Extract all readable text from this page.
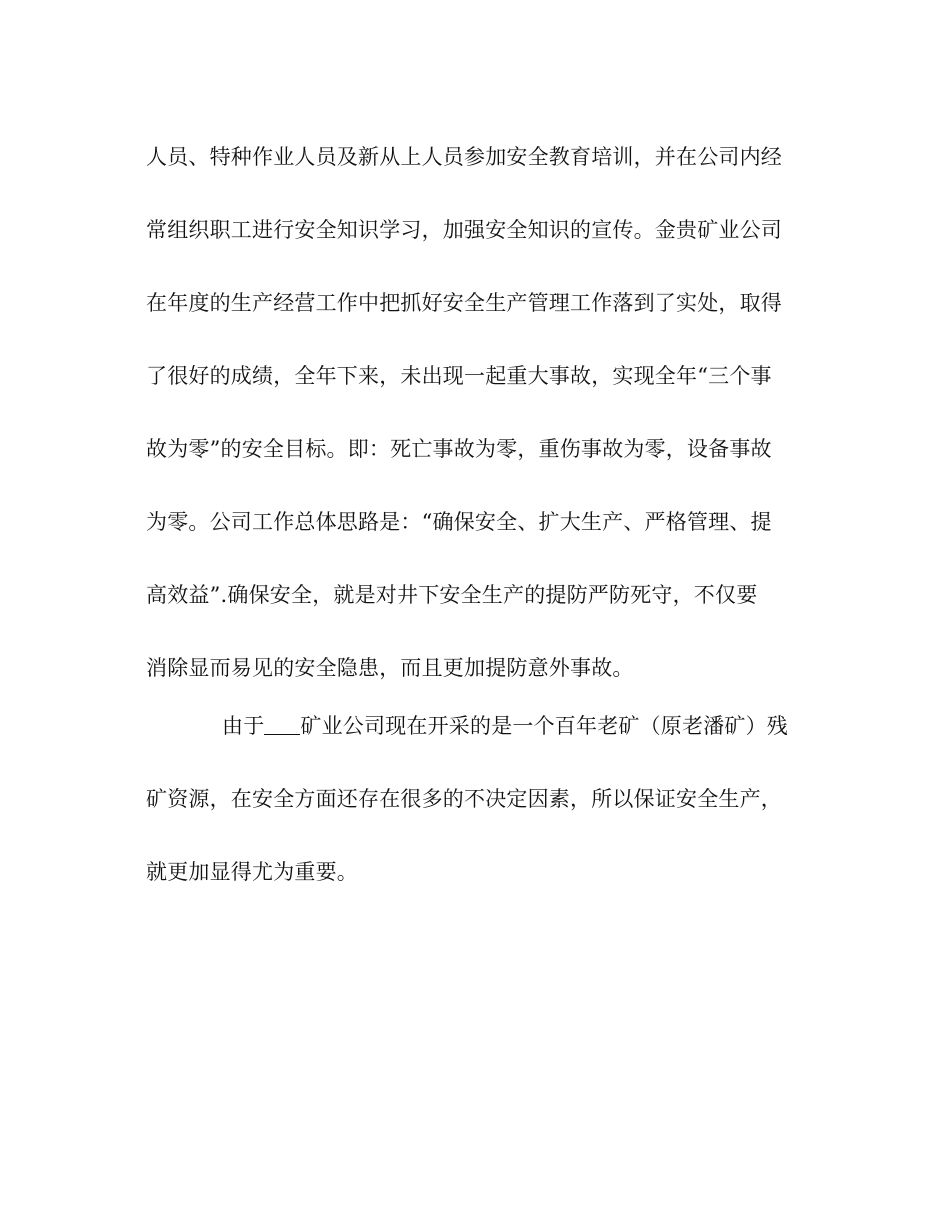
人员、特种作业人员及新从上人员参加安全教育培训，并在公司内经
常组织职工进行安全知识学习，加强安全知识的宣传。金贵矿业公司
在年度的生产经营工作中把抓好安全生产管理工作落到了实处，取得
了很好的成绩，全年下来，未出现一起重大事故，实现全年“三个事
故为零”的安全目标。即：死亡事故为零，重伤事故为零，设备事故
为零。公司工作总体思路是：“确保安全、扩大生产、严格管理、提
高效益”.确保安全，就是对井下安全生产的提防严防死守，不仅要
消除显而易见的安全隐患，而且更加提防意外事故。
由于 矿业公司现在开采的是一个百年老矿（原老潘矿）残
矿资源，在安全方面还存在很多的不决定因素，所以保证安全生产，
就更加显得尤为重要。
